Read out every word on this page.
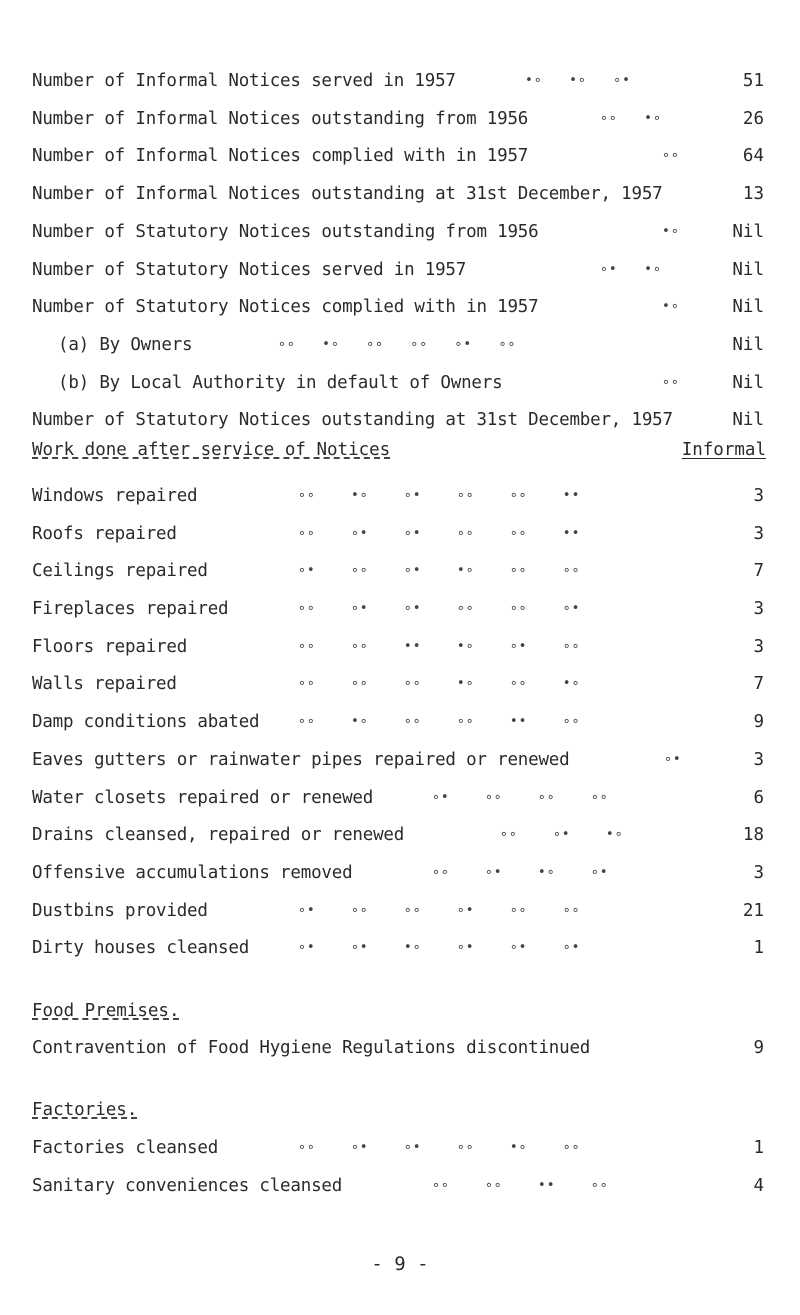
Number of Informal Notices served in 1957	•∘   •∘   ∘•	51
Number of Informal Notices outstanding from 1956	∘∘   •∘	26
Number of Informal Notices complied with in 1957	∘∘	64
Number of Informal Notices outstanding at 31st December, 1957	13
Number of Statutory Notices outstanding from 1956	•∘	Nil
Number of Statutory Notices served in 1957	∘•   •∘	Nil
Number of Statutory Notices complied with in 1957	•∘	Nil
(a) By Owners	∘∘   •∘   ∘∘   ∘∘   ∘•   ∘∘	Nil
(b) By Local Authority in default of Owners	∘∘	Nil
Number of Statutory Notices outstanding at 31st December, 1957	Nil
Work done after service of Notices	Informal
Windows repaired	∘∘    •∘    ∘•    ∘∘    ∘∘    ••	3
Roofs repaired	∘∘    ∘•    ∘•    ∘∘    ∘∘    ••	3
Ceilings repaired	∘•    ∘∘    ∘•    •∘    ∘∘    ∘∘	7
Fireplaces repaired	∘∘    ∘•    ∘•    ∘∘    ∘∘    ∘•	3
Floors repaired	∘∘    ∘∘    ••    •∘    ∘•    ∘∘	3
Walls repaired	∘∘    ∘∘    ∘∘    •∘    ∘∘    •∘	7
Damp conditions abated	∘∘    •∘    ∘∘    ∘∘    ••    ∘∘	9
Eaves gutters or rainwater pipes repaired or renewed	∘•	3
Water closets repaired or renewed	∘•    ∘∘    ∘∘    ∘∘	6
Drains cleansed, repaired or renewed	∘∘    ∘•    •∘	18
Offensive accumulations removed	∘∘    ∘•    •∘    ∘•	3
Dustbins provided	∘•    ∘∘    ∘∘    ∘•    ∘∘    ∘∘	21
Dirty houses cleansed	∘•    ∘•    •∘    ∘•    ∘•    ∘•	1
Food Premises.
Contravention of Food Hygiene Regulations discontinued	9
Factories.
Factories cleansed	∘∘    ∘•    ∘•    ∘∘    •∘    ∘∘	1
Sanitary conveniences cleansed	∘∘    ∘∘    ••    ∘∘	4
- 9 -
